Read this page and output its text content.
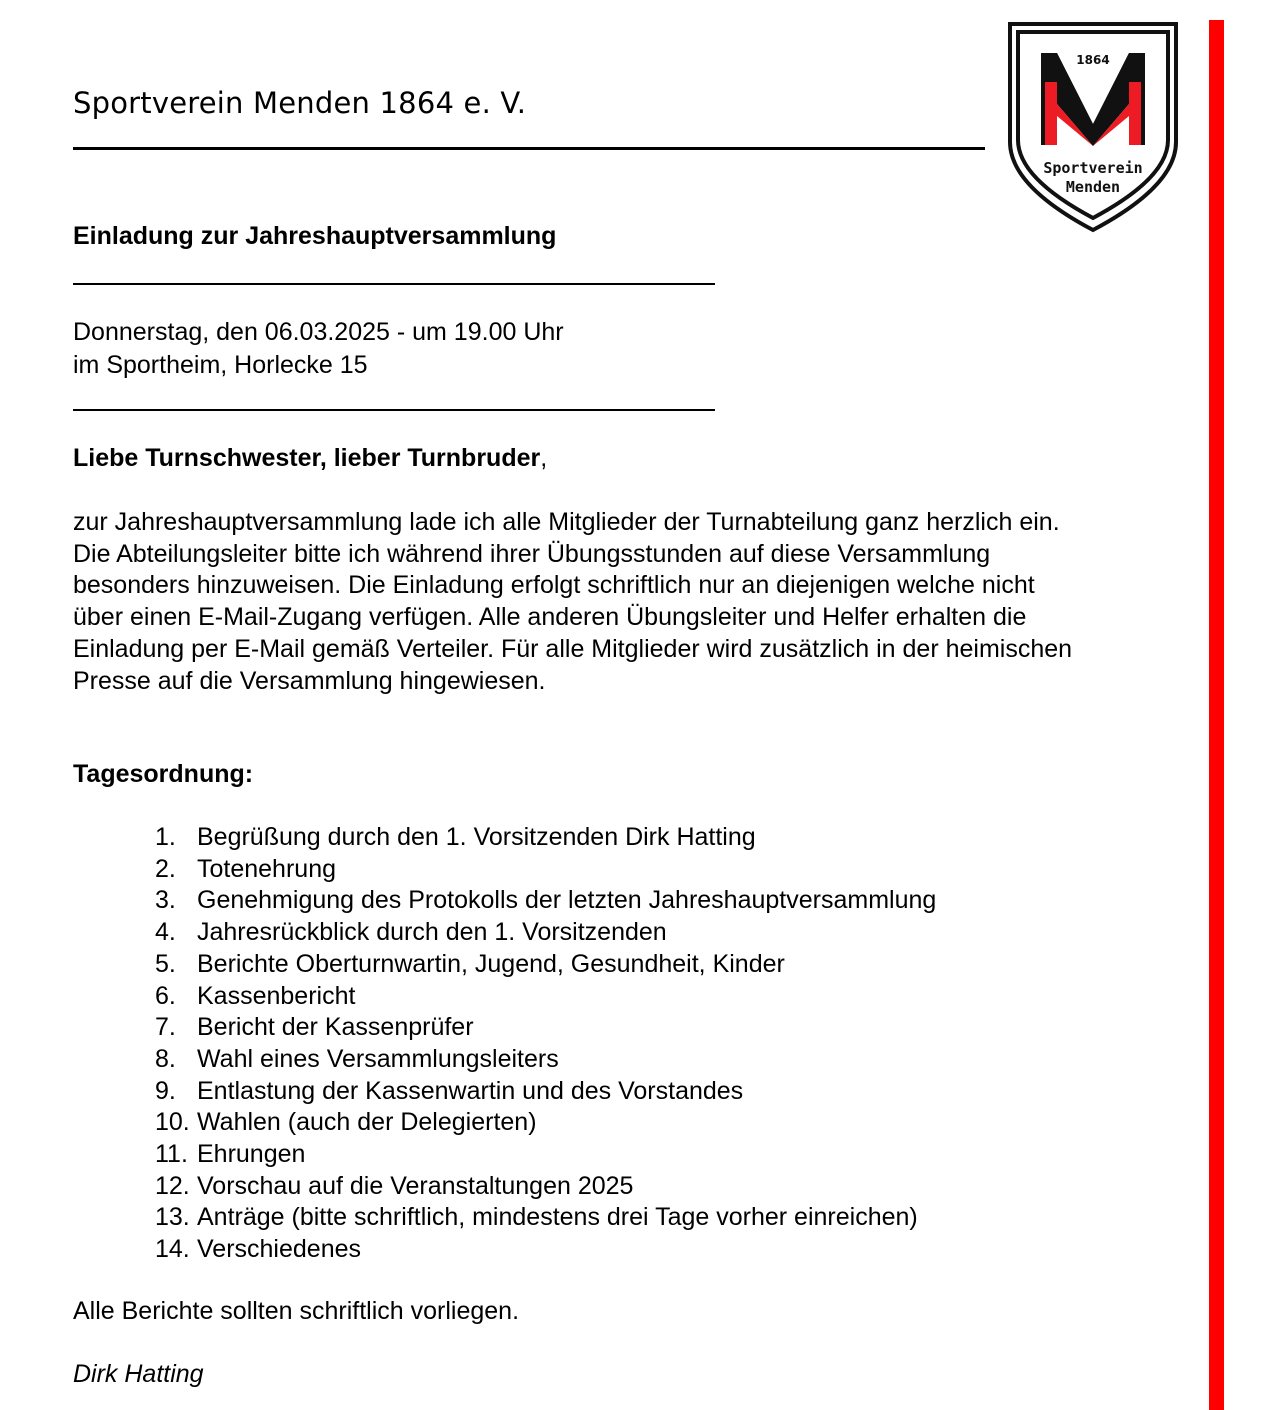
Sportverein Menden 1864 e. V.
1864
Sportverein
Menden
Einladung zur Jahreshauptversammlung
Donnerstag, den 06.03.2025 - um 19.00 Uhr
im Sportheim, Horlecke 15
Liebe Turnschwester, lieber Turnbruder,
zur Jahreshauptversammlung lade ich alle Mitglieder der Turnabteilung ganz herzlich ein.
Die Abteilungsleiter bitte ich während ihrer Übungsstunden auf diese Versammlung
besonders hinzuweisen. Die Einladung erfolgt schriftlich nur an diejenigen welche nicht
über einen E-Mail-Zugang verfügen. Alle anderen Übungsleiter und Helfer erhalten die
Einladung per E-Mail gemäß Verteiler. Für alle Mitglieder wird zusätzlich in der heimischen
Presse auf die Versammlung hingewiesen.
Tagesordnung:
1. Begrüßung durch den 1. Vorsitzenden Dirk Hatting
2. Totenehrung
3. Genehmigung des Protokolls der letzten Jahreshauptversammlung
4. Jahresrückblick durch den 1. Vorsitzenden
5. Berichte Oberturnwartin, Jugend, Gesundheit, Kinder
6. Kassenbericht
7. Bericht der Kassenprüfer
8. Wahl eines Versammlungsleiters
9. Entlastung der Kassenwartin und des Vorstandes
10. Wahlen (auch der Delegierten)
11. Ehrungen
12. Vorschau auf die Veranstaltungen 2025
13. Anträge (bitte schriftlich, mindestens drei Tage vorher einreichen)
14. Verschiedenes
Alle Berichte sollten schriftlich vorliegen.
Dirk Hatting
